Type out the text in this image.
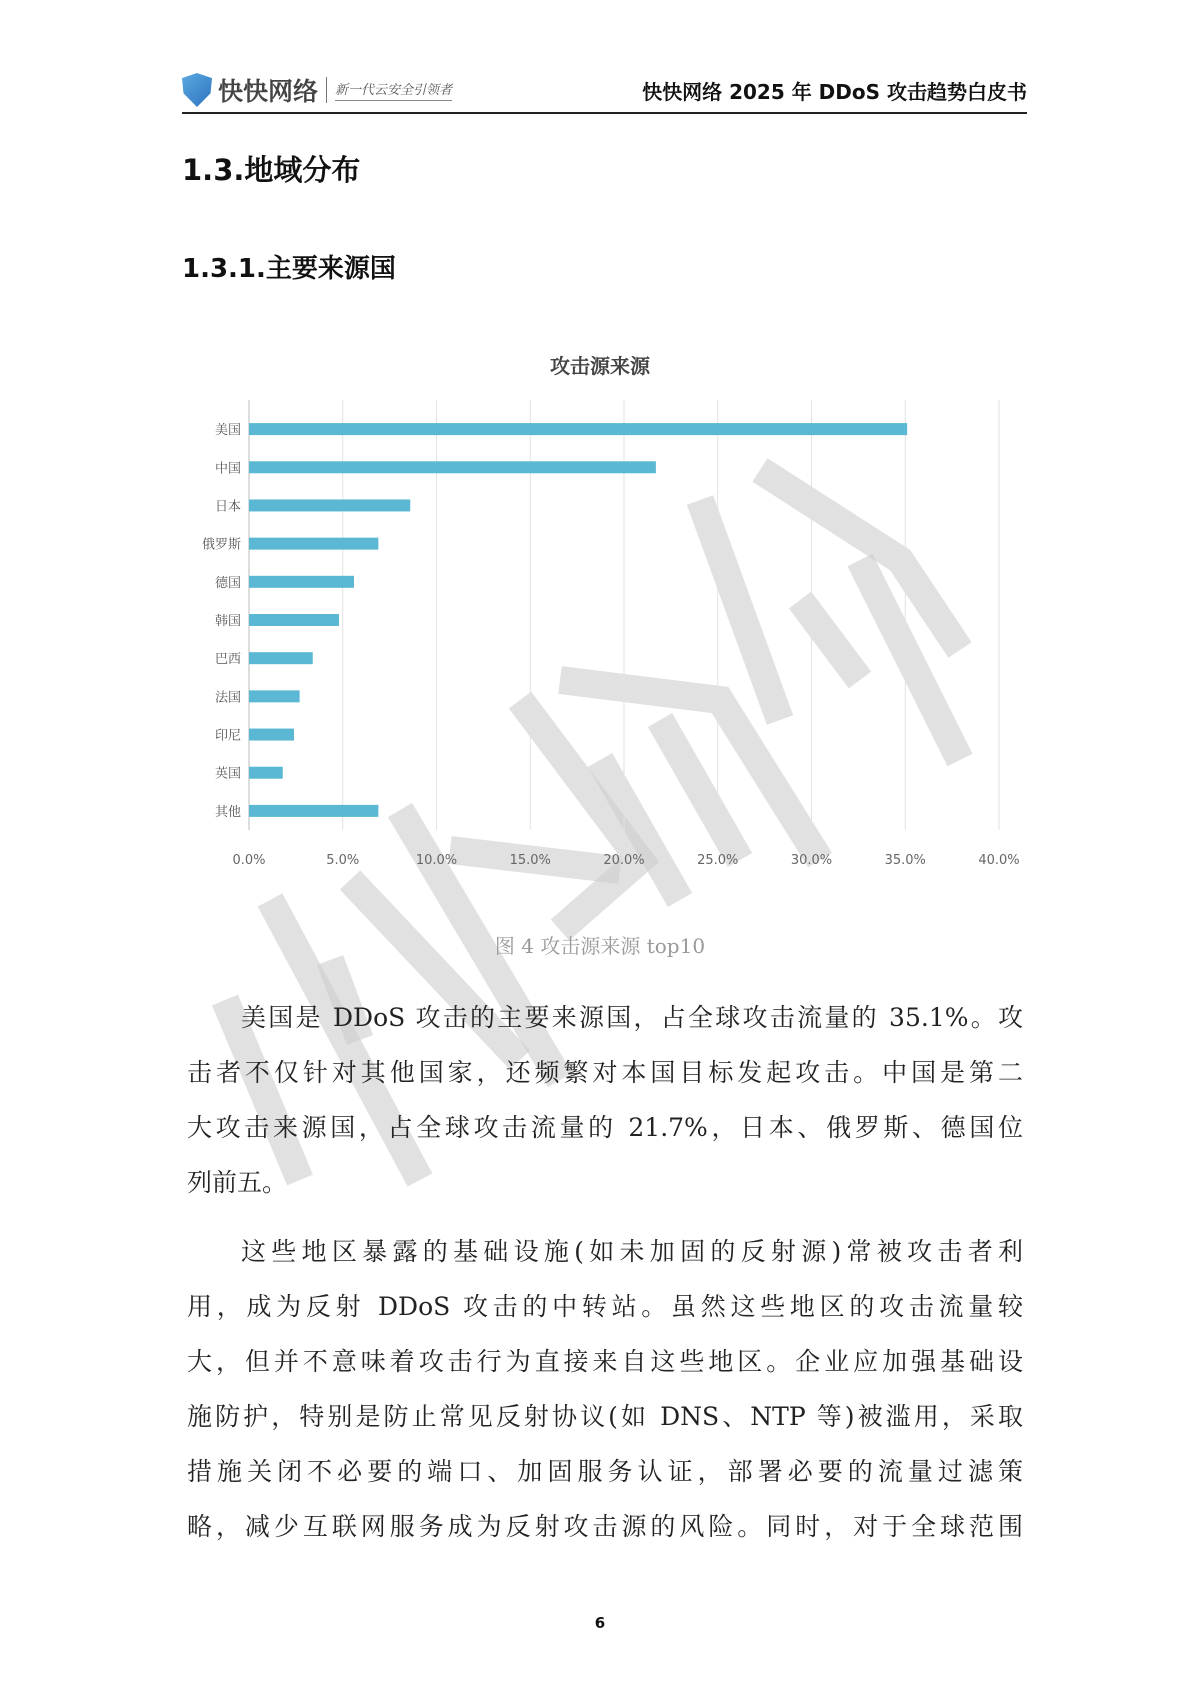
快快网络 新一代云安全引领者	快快网络 2025 年 DDoS 攻击趋势白皮书
1.3.地域分布
1.3.1.主要来源国
攻击源来源
0.0%	5.0%	10.0%	15.0%	20.0%	25.0%	30.0%	35.0%	40.0%
美国
中国
日本
俄罗斯
德国
韩国
巴西
法国
印尼
英国
其他
图 4 攻击源来源 top10
美国是 DDoS 攻击的主要来源国，占全球攻击流量的 35.1%。攻
击者不仅针对其他国家，还频繁对本国目标发起攻击。中国是第二
大攻击来源国，占全球攻击流量的 21.7%，日本、俄罗斯、德国位
列前五。
这些地区暴露的基础设施(如未加固的反射源)常被攻击者利
用，成为反射 DDoS 攻击的中转站。虽然这些地区的攻击流量较
大，但并不意味着攻击行为直接来自这些地区。企业应加强基础设
施防护，特别是防止常见反射协议(如 DNS、NTP 等)被滥用，采取
措施关闭不必要的端口、加固服务认证，部署必要的流量过滤策
略，减少互联网服务成为反射攻击源的风险。同时，对于全球范围
6
